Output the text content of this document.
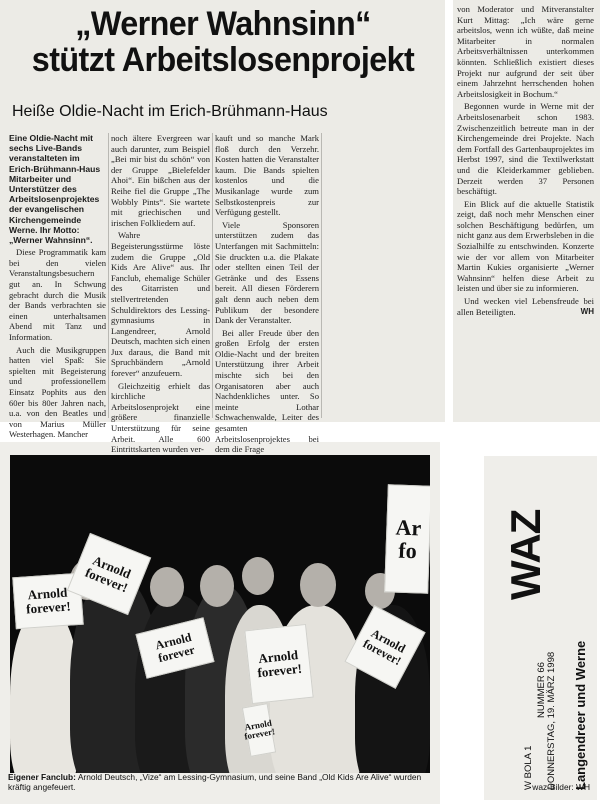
„Werner Wahnsinn“
stützt Arbeitslosenprojekt
Heiße Oldie-Nacht im Erich-Brühmann-Haus

Eine Oldie-Nacht mit sechs Live-Bands veranstalteten im Erich-Brühmann-Haus Mitarbeiter und Unterstützer des Arbeitslosenprojektes der evangelischen Kirchengemeinde Werne. Ihr Motto: „Werner Wahnsinn“.

Diese Programmatik kam bei den vielen Veranstaltungsbesuchern gut an. In Schwung gebracht durch die Musik der Bands verbrachten sie einen unterhaltsamen Abend mit Tanz und Information.

Auch die Musikgruppen hatten viel Spaß: Sie spielten mit Begeisterung und professionellem Einsatz Pophits aus den 60er bis 80er Jahren nach, u.a. von den Beatles und von Marius Müller Westerhagen. Mancher

noch ältere Evergreen war auch darunter, zum Beispiel „Bei mir bist du schön“ von der Gruppe „Bielefelder Ahoi“. Ein bißchen aus der Reihe fiel die Gruppe „The Wobbly Pints“. Sie wartete mit griechischen und irischen Folkliedern auf.

Wahre Begeisterungsstürme löste zudem die Gruppe „Old Kids Are Alive“ aus. Ihr Fanclub, ehemalige Schüler des Gitarristen und stellvertretenden Schuldirektors des Lessing-gymnasiums in Langendreer, Arnold Deutsch, machten sich einen Jux daraus, die Band mit Spruchbändern „Arnold forever“ anzufeuern.

Gleichzeitig erhielt das kirchliche Arbeitslosenprojekt eine größere finanzielle Unterstützung für seine Arbeit. Alle 600 Eintrittskarten wurden ver-

kauft und so manche Mark floß durch den Verzehr. Kosten hatten die Veranstalter kaum. Die Bands spielten kostenlos und die Musikanlage wurde zum Selbstkostenpreis zur Verfügung gestellt.

Viele Sponsoren unterstützen zudem das Unterfangen mit Sachmitteln: Sie druckten u.a. die Plakate oder stellten einen Teil der Getränke und des Essens bereit. All diesen Förderern galt denn auch neben dem Publikum der besondere Dank der Veranstalter.

Bei aller Freude über den großen Erfolg der ersten Oldie-Nacht und der breiten Unterstützung ihrer Arbeit mischte sich bei den Organisatoren aber auch Nachdenkliches unter. So meinte Lothar Schwachenwalde, Leiter des gesamten Arbeitslosenprojektes bei dem die Frage

von Moderator und Mitveranstalter Kurt Mittag: „Ich wäre gerne arbeitslos, wenn ich wüßte, daß meine Mitarbeiter in normalen Arbeitsverhältnissen unterkommen könnten. Schließlich existiert dieses Projekt nur aufgrund der seit über einem Jahrzehnt herrschenden hohen Arbeitslosigkeit in Bochum.“

Begonnen wurde in Werne mit der Arbeitslosenarbeit schon 1983. Zwischenzeitlich betreute man in der Kirchengemeinde drei Projekte. Nach dem Fortfall des Gartenbauprojektes im Herbst 1997, sind die Textilwerkstatt und die Kleiderkammer geblieben. Derzeit werden 37 Personen beschäftigt.

Ein Blick auf die aktuelle Statistik zeigt, daß noch mehr Menschen einer solchen Beschäftigung bedürfen, um nicht ganz aus dem Erwerbsleben in die Sozialhilfe zu entschwinden. Konzerte wie der vor allem von Mitarbeiter Martin Kukies organisierte „Werner Wahnsinn“ helfen diese Arbeit zu leisten und über sie zu informieren.

Und wecken viel Lebensfreude bei allen Beteiligten.	WH

Arnold forever!
Arnold forever!
Arnold forever	Arnold forever!
Arnold forever!
Arnold forever!
Ar fo
Eigener Fanclub: Arnold Deutsch, „Vize“ am Lessing-Gymnasium, und seine Band „Old Kids Are Alive“ wurden kräftig angefeuert.	waz-Bilder: WH
WAZ
Langendreer und Werne
W BOLA 1
NUMMER 66 DONNERSTAG, 19. MÄRZ 1998
